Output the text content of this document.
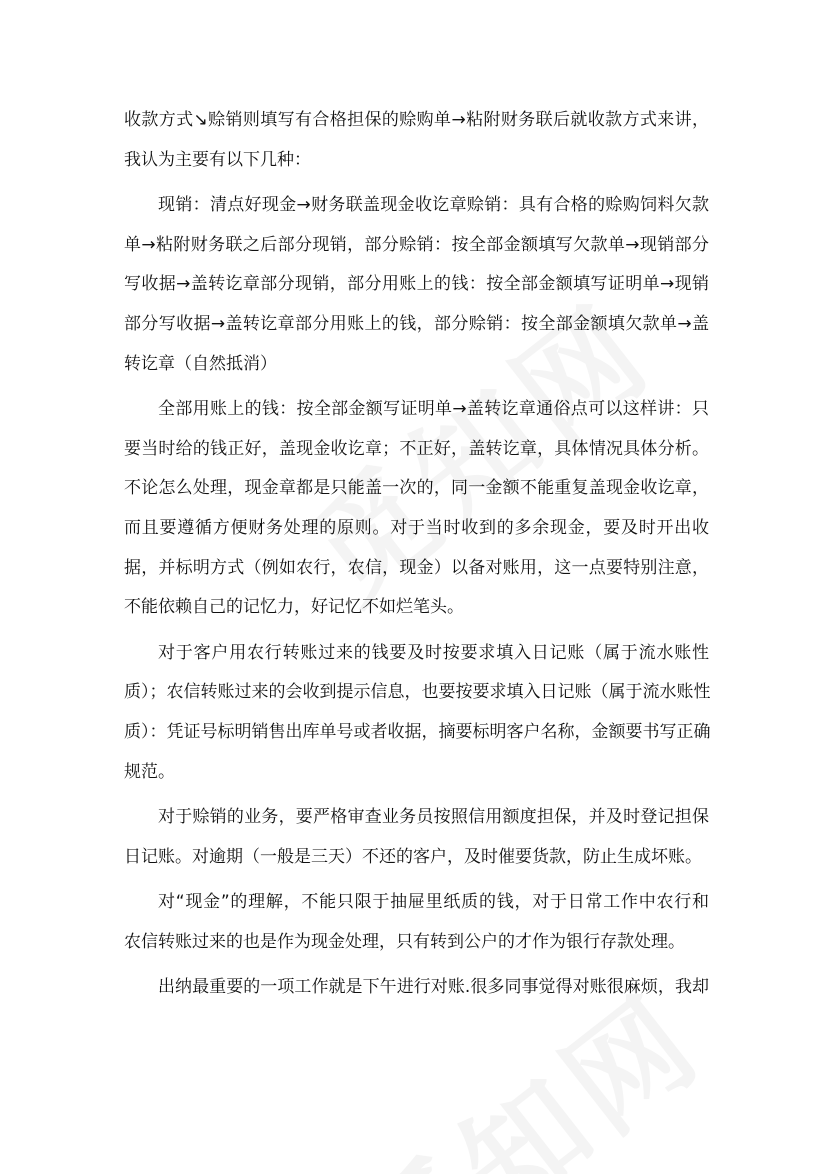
收款方式↘赊销则填写有合格担保的赊购单→粘附财务联后就收款方式来讲，
我认为主要有以下几种：

现销：清点好现金→财务联盖现金收讫章赊销：具有合格的赊购饲料欠款
单→粘附财务联之后部分现销，部分赊销：按全部金额填写欠款单→现销部分
写收据→盖转讫章部分现销，部分用账上的钱：按全部金额填写证明单→现销
部分写收据→盖转讫章部分用账上的钱，部分赊销：按全部金额填欠款单→盖
转讫章（自然抵消）

全部用账上的钱：按全部金额写证明单→盖转讫章通俗点可以这样讲：只
要当时给的钱正好，盖现金收讫章；不正好，盖转讫章，具体情况具体分析。
不论怎么处理，现金章都是只能盖一次的，同一金额不能重复盖现金收讫章，
而且要遵循方便财务处理的原则。对于当时收到的多余现金，要及时开出收
据，并标明方式（例如农行，农信，现金）以备对账用，这一点要特别注意，
不能依赖自己的记忆力，好记忆不如烂笔头。

对于客户用农行转账过来的钱要及时按要求填入日记账（属于流水账性
质）；农信转账过来的会收到提示信息，也要按要求填入日记账（属于流水账性
质）：凭证号标明销售出库单号或者收据，摘要标明客户名称，金额要书写正确
规范。

对于赊销的业务，要严格审查业务员按照信用额度担保，并及时登记担保
日记账。对逾期（一般是三天）不还的客户，及时催要货款，防止生成坏账。

对“现金”的理解，不能只限于抽屉里纸质的钱，对于日常工作中农行和
农信转账过来的也是作为现金处理，只有转到公户的才作为银行存款处理。

出纳最重要的一项工作就是下午进行对账.很多同事觉得对账很麻烦，我却
